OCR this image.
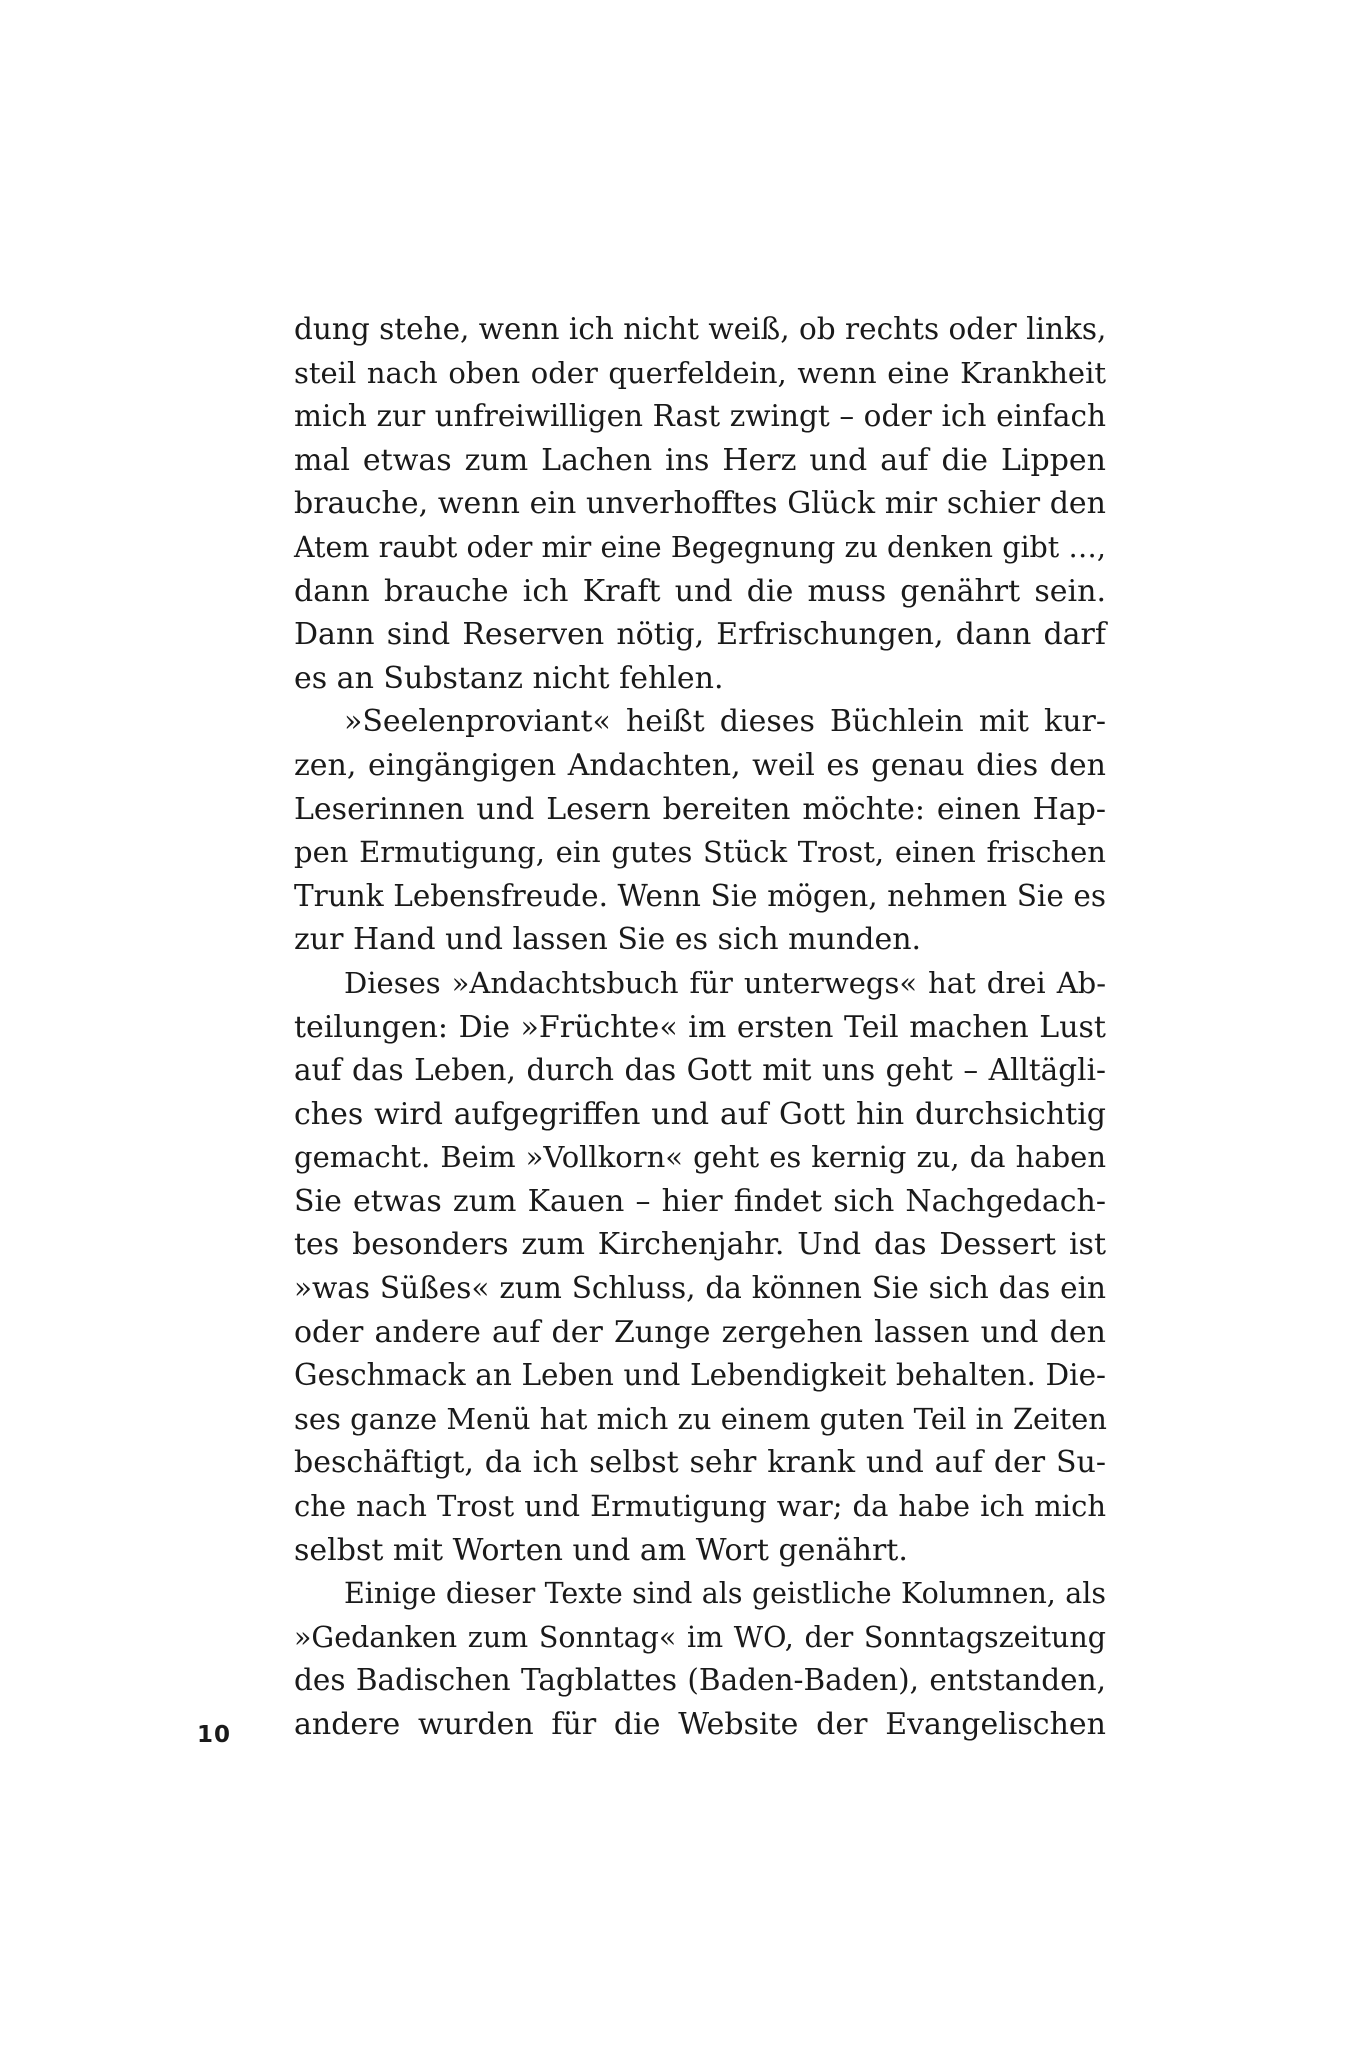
dung stehe, wenn ich nicht weiß, ob rechts oder links,
steil nach oben oder querfeldein, wenn eine Krankheit
mich zur unfreiwilligen Rast zwingt – oder ich einfach
mal etwas zum Lachen ins Herz und auf die Lippen
brauche, wenn ein unverhofftes Glück mir schier den
Atem raubt oder mir eine Begegnung zu denken gibt …,
dann brauche ich Kraft und die muss genährt sein.
Dann sind Reserven nötig, Erfrischungen, dann darf
es an Substanz nicht fehlen.
»Seelenproviant« heißt dieses Büchlein mit kur-
zen, eingängigen Andachten, weil es genau dies den
Leserinnen und Lesern bereiten möchte: einen Hap-
pen Ermutigung, ein gutes Stück Trost, einen frischen
Trunk Lebensfreude. Wenn Sie mögen, nehmen Sie es
zur Hand und lassen Sie es sich munden.
Dieses »Andachtsbuch für unterwegs« hat drei Ab-
teilungen: Die »Früchte« im ersten Teil machen Lust
auf das Leben, durch das Gott mit uns geht – Alltägli-
ches wird aufgegriffen und auf Gott hin durchsichtig
gemacht. Beim »Vollkorn« geht es kernig zu, da haben
Sie etwas zum Kauen – hier findet sich Nachgedach-
tes besonders zum Kirchenjahr. Und das Dessert ist
»was Süßes« zum Schluss, da können Sie sich das ein
oder andere auf der Zunge zergehen lassen und den
Geschmack an Leben und Lebendigkeit behalten. Die-
ses ganze Menü hat mich zu einem guten Teil in Zeiten
beschäftigt, da ich selbst sehr krank und auf der Su-
che nach Trost und Ermutigung war; da habe ich mich
selbst mit Worten und am Wort genährt.
Einige dieser Texte sind als geistliche Kolumnen, als
»Gedanken zum Sonntag« im WO, der Sonntagszeitung
des Badischen Tagblattes (Baden-Baden), entstanden,
andere wurden für die Website der Evangelischen
10
